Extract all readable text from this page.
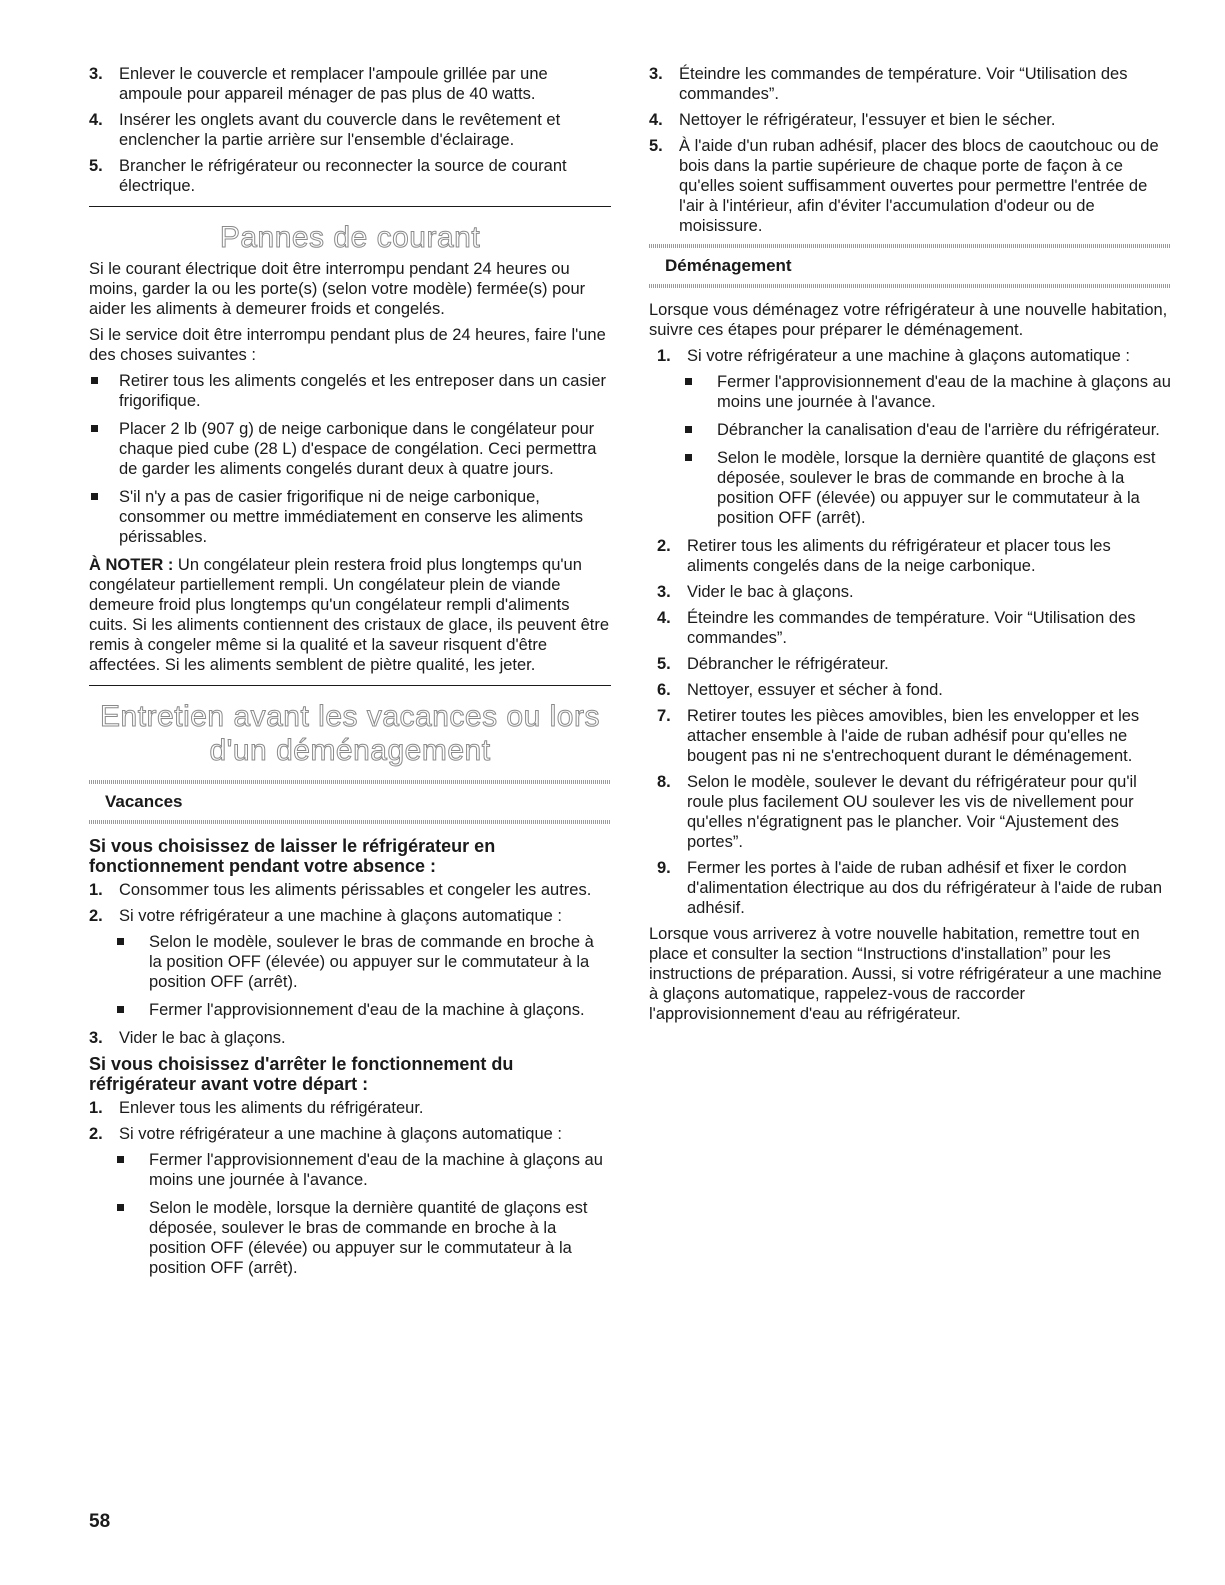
3. Enlever le couvercle et remplacer l'ampoule grillée par une ampoule pour appareil ménager de pas plus de 40 watts.
4. Insérer les onglets avant du couvercle dans le revêtement et enclencher la partie arrière sur l'ensemble d'éclairage.
5. Brancher le réfrigérateur ou reconnecter la source de courant électrique.
Pannes de courant

Si le courant électrique doit être interrompu pendant 24 heures ou moins, garder la ou les porte(s) (selon votre modèle) fermée(s) pour aider les aliments à demeurer froids et congelés.

Si le service doit être interrompu pendant plus de 24 heures, faire l'une des choses suivantes :

Retirer tous les aliments congelés et les entreposer dans un casier frigorifique.
Placer 2 lb (907 g) de neige carbonique dans le congélateur pour chaque pied cube (28 L) d'espace de congélation. Ceci permettra de garder les aliments congelés durant deux à quatre jours.
S'il n'y a pas de casier frigorifique ni de neige carbonique, consommer ou mettre immédiatement en conserve les aliments périssables.

À NOTER : Un congélateur plein restera froid plus longtemps qu'un congélateur partiellement rempli. Un congélateur plein de viande demeure froid plus longtemps qu'un congélateur rempli d'aliments cuits. Si les aliments contiennent des cristaux de glace, ils peuvent être remis à congeler même si la qualité et la saveur risquent d'être affectées. Si les aliments semblent de piètre qualité, les jeter.

Entretien avant les vacances ou lors
d'un déménagement
Vacances
Si vous choisissez de laisser le réfrigérateur en fonctionnement pendant votre absence :
1. Consommer tous les aliments périssables et congeler les autres.
2. Si votre réfrigérateur a une machine à glaçons automatique :
Selon le modèle, soulever le bras de commande en broche à la position OFF (élevée) ou appuyer sur le commutateur à la position OFF (arrêt).
Fermer l'approvisionnement d'eau de la machine à glaçons.
3. Vider le bac à glaçons.
Si vous choisissez d'arrêter le fonctionnement du réfrigérateur avant votre départ :
1. Enlever tous les aliments du réfrigérateur.
2. Si votre réfrigérateur a une machine à glaçons automatique :
Fermer l'approvisionnement d'eau de la machine à glaçons au moins une journée à l'avance.
Selon le modèle, lorsque la dernière quantité de glaçons est déposée, soulever le bras de commande en broche à la position OFF (élevée) ou appuyer sur le commutateur à la position OFF (arrêt).
3. Éteindre les commandes de température. Voir “Utilisation des commandes”.
4. Nettoyer le réfrigérateur, l'essuyer et bien le sécher.
5. À l'aide d'un ruban adhésif, placer des blocs de caoutchouc ou de bois dans la partie supérieure de chaque porte de façon à ce qu'elles soient suffisamment ouvertes pour permettre l'entrée de l'air à l'intérieur, afin d'éviter l'accumulation d'odeur ou de moisissure.
Déménagement

Lorsque vous déménagez votre réfrigérateur à une nouvelle habitation, suivre ces étapes pour préparer le déménagement.

1. Si votre réfrigérateur a une machine à glaçons automatique :
Fermer l'approvisionnement d'eau de la machine à glaçons au moins une journée à l'avance.
Débrancher la canalisation d'eau de l'arrière du réfrigérateur.
Selon le modèle, lorsque la dernière quantité de glaçons est déposée, soulever le bras de commande en broche à la position OFF (élevée) ou appuyer sur le commutateur à la position OFF (arrêt).
2. Retirer tous les aliments du réfrigérateur et placer tous les aliments congelés dans de la neige carbonique.
3. Vider le bac à glaçons.
4. Éteindre les commandes de température. Voir “Utilisation des commandes”.
5. Débrancher le réfrigérateur.
6. Nettoyer, essuyer et sécher à fond.
7. Retirer toutes les pièces amovibles, bien les envelopper et les attacher ensemble à l'aide de ruban adhésif pour qu'elles ne bougent pas ni ne s'entrechoquent durant le déménagement.
8. Selon le modèle, soulever le devant du réfrigérateur pour qu'il roule plus facilement OU soulever les vis de nivellement pour qu'elles n'égratignent pas le plancher. Voir “Ajustement des portes”.
9. Fermer les portes à l'aide de ruban adhésif et fixer le cordon d'alimentation électrique au dos du réfrigérateur à l'aide de ruban adhésif.

Lorsque vous arriverez à votre nouvelle habitation, remettre tout en place et consulter la section “Instructions d'installation” pour les instructions de préparation. Aussi, si votre réfrigérateur a une machine à glaçons automatique, rappelez-vous de raccorder l'approvisionnement d'eau au réfrigérateur.

58
